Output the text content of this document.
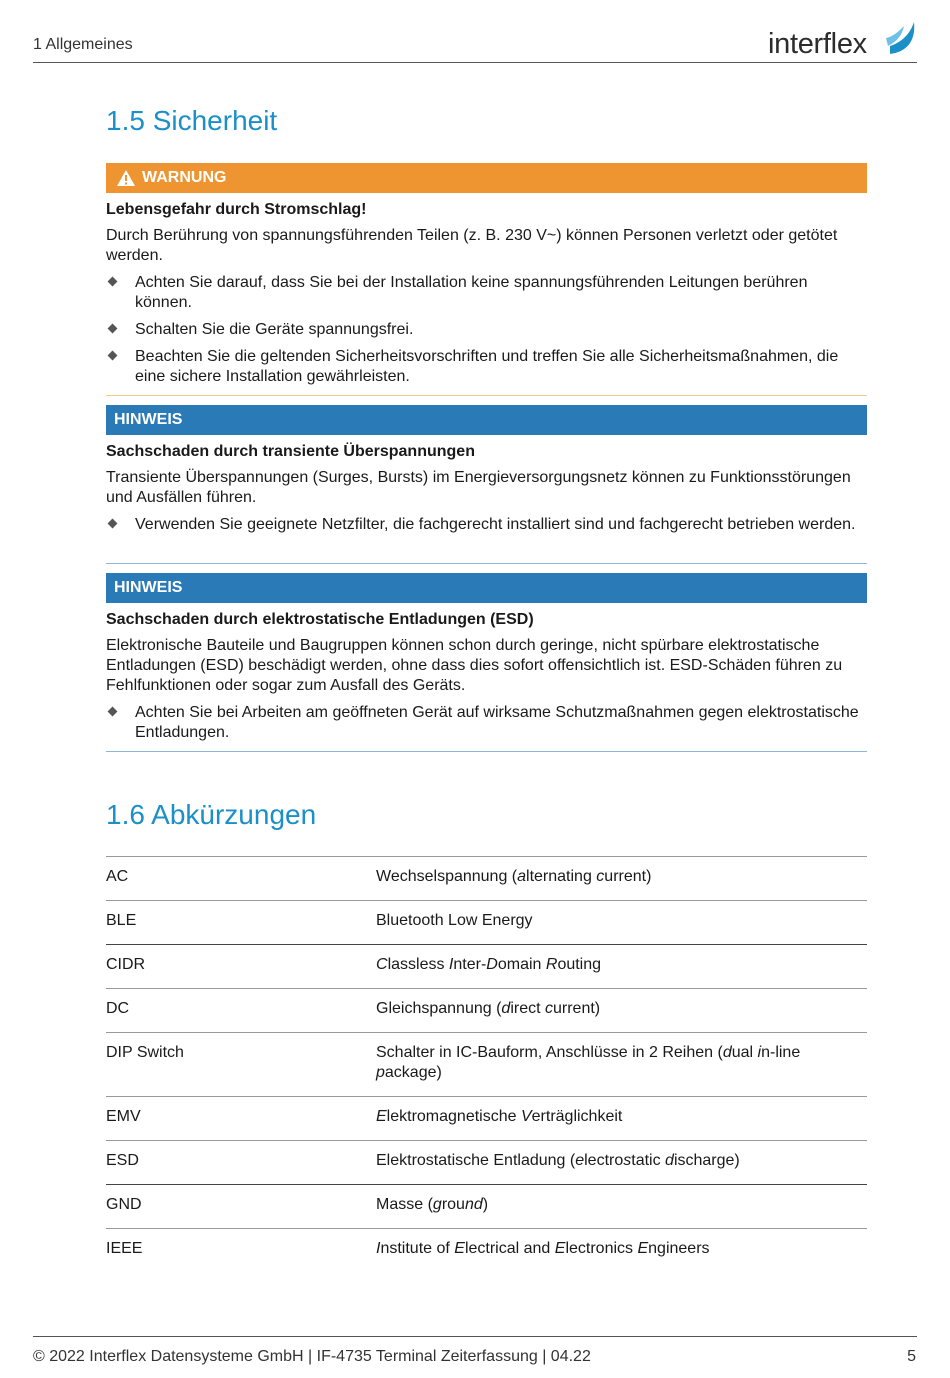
1 Allgemeines	interflex
1.5 Sicherheit
WARNUNG

Lebensgefahr durch Stromschlag!

Durch Berührung von spannungsführenden Teilen (z. B. 230 V~) können Personen verletzt oder getötet werden.

Achten Sie darauf, dass Sie bei der Installation keine spannungsführenden Leitungen berühren können.
Schalten Sie die Geräte spannungsfrei.
Beachten Sie die geltenden Sicherheitsvorschriften und treffen Sie alle Sicherheitsmaßnahmen, die eine sichere Installation gewährleisten.
HINWEIS

Sachschaden durch transiente Überspannungen

Transiente Überspannungen (Surges, Bursts) im Energieversorgungsnetz können zu Funktionsstörungen und Ausfällen führen.

Verwenden Sie geeignete Netzfilter, die fachgerecht installiert sind und fachgerecht betrieben werden.
HINWEIS

Sachschaden durch elektrostatische Entladungen (ESD)

Elektronische Bauteile und Baugruppen können schon durch geringe, nicht spürbare elektrostatische Entladungen (ESD) beschädigt werden, ohne dass dies sofort offensichtlich ist. ESD-Schäden führen zu Fehlfunktionen oder sogar zum Ausfall des Geräts.

Achten Sie bei Arbeiten am geöffneten Gerät auf wirksame Schutzmaßnahmen gegen elektrostatische Entladungen.
1.6 Abkürzungen
AC	Wechselspannung (alternating current)
BLE	Bluetooth Low Energy
CIDR	Classless Inter-Domain Routing
DC	Gleichspannung (direct current)
DIP Switch	Schalter in IC-Bauform, Anschlüsse in 2 Reihen (dual in-line
package)
EMV	Elektromagnetische Verträglichkeit
ESD	Elektrostatische Entladung (electrostatic discharge)
GND	Masse (ground)
IEEE	Institute of Electrical and Electronics Engineers
© 2022 Interflex Datensysteme GmbH | IF-4735 Terminal Zeiterfassung | 04.22	5
